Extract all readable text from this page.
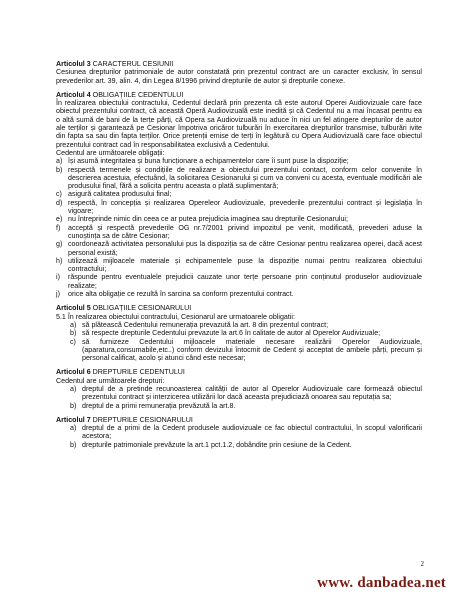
Articolul 3 CARACTERUL CESIUNII

Cesiunea drepturilor patrimoniale de autor constatată prin prezentul contract are un caracter exclusiv, în sensul prevederilor art. 39, alin. 4, din Legea 8/1996 privind drepturile de autor și drepturile conexe.

Articolul 4 OBLIGAȚIILE CEDENTULUI

În realizarea obiectului contractului, Cedentul declară prin prezenta că este autorul Operei Audiovizuale care face obiectul prezentului contract, că această Operă Audiovizuală este inedită și că Cedentul nu a mai încasat pentru ea o altă sumă de bani de la terțe părți, că Opera sa Audiovizuală nu aduce în nici un fel atingere drepturilor de autor ale terților și garantează pe Cesionar împotriva oricăror tulburări în exercitarea drepturilor transmise, tulburări ivite din fapta sa sau din fapta terților. Orice pretenții emise de terți în legătură cu Opera Audiovizuală care face obiectul prezentului contract cad în responsabilitatea exclusivă a Cedentului.

Cedentul are următoarele obligații:

a) își asumă integritatea și buna funcționare a echipamentelor care îi sunt puse la dispoziție;
b) respectă termenele și condițiile de realizare a obiectului prezentului contact, conform celor convenite în descrierea acestuia, efectuând, la solicitarea Cesionarului și cum va conveni cu acesta, eventuale modificări ale produsului final, fără a solicita pentru aceasta o plată suplimentară;
c) asigură calitatea produsului final;
d) respectă, în concepția și realizarea Opereleor Audiovizuale, prevederile prezentului contract și legislația în vigoare;
e) nu întreprinde nimic din ceea ce ar putea prejudicia imaginea sau drepturile Cesionarului;
f)	acceptă și respectă prevederile OG nr.7/2001 privind impozitul pe venit, modificată, prevederi aduse la cunoștința sa de către Cesionar;
g) coordonează activitatea personalului pus la dispoziția sa de către Cesionar pentru realizarea operei, dacă acest personal există;
h) utilizează mijloacele materiale și echipamentele puse la dispoziție numai pentru realizarea obiectului contractului;
i)	răspunde pentru eventualele prejudicii cauzate unor terțe persoane prin conținutul produselor audiovizuale realizate;
j)	orice alta obligație ce rezultă în sarcina sa conform prezentului contract.
Articolul 5 OBLIGAȚIILE CESIONARULUI

5.1 În realizarea obiectului contractului, Cesionarul are urmatoarele obligatii:

a) să plătească Cedentului remunerația prevazută la art. 8 din prezentul contract;
b) să respecte drepturile Cedentului prevazute la art.6 în calitate de autor al Operelor Audivizuale;
c) să furnizeze Cedentului mijloacele materiale necesare realizării Operelor Audiovizuale, (aparatura,consumabile,etc..) conform devizului întocmit de Cedent și acceptat de ambele părți, precum și personal calificat, acolo și atunci când este necesar;
Articolul 6 DREPTURILE CEDENTULUI

Cedentul are următoarele drepturi:

a) dreptul de a pretinde recunoasterea calității de autor al Operelor Audiovizuale care formează obiectul prezentului contract și interzicerea utilizării lor dacă aceasta prejudiciază onoarea sau reputația sa;
b) dreptul de a primi remunerația prevăzută la art.8.
Articolul 7 DREPTURILE CESIONARULUI
a) dreptul de a primi de la Cedent produsele audiovizuale ce fac obiectul contractului, în scopul valorificarii acestora;
b) drepturile patrimoniale prevăzute la art.1 pct.1.2, dobândite prin cesiune de la Cedent.
2
www. danbadea.net
